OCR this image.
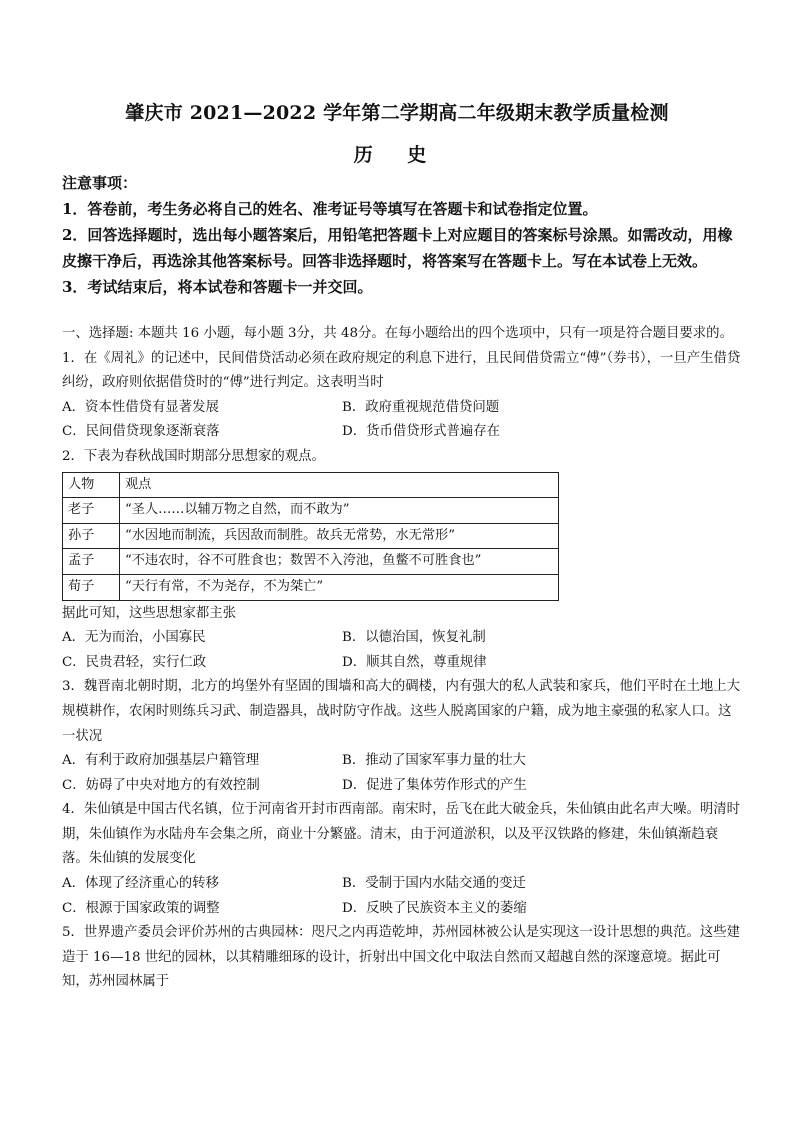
肇庆市 2021—2022 学年第二学期高二年级期末教学质量检测
历 史

注意事项：

1．答卷前，考生务必将自己的姓名、准考证号等填写在答题卡和试卷指定位置。

2．回答选择题时，选出每小题答案后，用铅笔把答题卡上对应题目的答案标号涂黑。如需改动，用橡皮擦干净后，再选涂其他答案标号。回答非选择题时，将答案写在答题卡上。写在本试卷上无效。

3．考试结束后，将本试卷和答题卡一并交回。

一、选择题: 本题共 16 小题，每小题 3分，共 48分。在每小题给出的四个选项中，只有一项是符合题目要求的。

1．在《周礼》的记述中，民间借贷活动必须在政府规定的利息下进行，且民间借贷需立“傅”（券书），一旦产生借贷纠纷，政府则依据借贷时的“傅”进行判定。这表明当时

A．资本性借贷有显著发展	B．政府重视规范借贷问题
C．民间借贷现象逐渐衰落	D．货币借贷形式普遍存在

2．下表为春秋战国时期部分思想家的观点。

人物	观点
老子	“圣人……以辅万物之自然，而不敢为”
孙子	“水因地而制流，兵因敌而制胜。故兵无常势，水无常形”
孟子	“不违农时，谷不可胜食也；数罟不入洿池，鱼鳖不可胜食也”
荀子	“天行有常，不为尧存，不为桀亡”

据此可知，这些思想家都主张

A．无为而治，小国寡民	B．以德治国，恢复礼制
C．民贵君轻，实行仁政	D．顺其自然，尊重规律

3．魏晋南北朝时期，北方的坞堡外有坚固的围墙和高大的碉楼，内有强大的私人武装和家兵，他们平时在土地上大规模耕作，农闲时则练兵习武、制造器具，战时防守作战。这些人脱离国家的户籍，成为地主豪强的私家人口。这一状况

A．有利于政府加强基层户籍管理	B．推动了国家军事力量的壮大
C．妨碍了中央对地方的有效控制	D．促进了集体劳作形式的产生

4．朱仙镇是中国古代名镇，位于河南省开封市西南部。南宋时，岳飞在此大破金兵，朱仙镇由此名声大噪。明清时期，朱仙镇作为水陆舟车会集之所，商业十分繁盛。清末，由于河道淤积，以及平汉铁路的修建，朱仙镇渐趋衰落。朱仙镇的发展变化

A．体现了经济重心的转移	B．受制于国内水陆交通的变迁
C．根源于国家政策的调整	D．反映了民族资本主义的萎缩

5．世界遗产委员会评价苏州的古典园林：咫尺之内再造乾坤，苏州园林被公认是实现这一设计思想的典范。这些建造于 16—18 世纪的园林，以其精雕细琢的设计，折射出中国文化中取法自然而又超越自然的深邃意境。据此可知，苏州园林属于
